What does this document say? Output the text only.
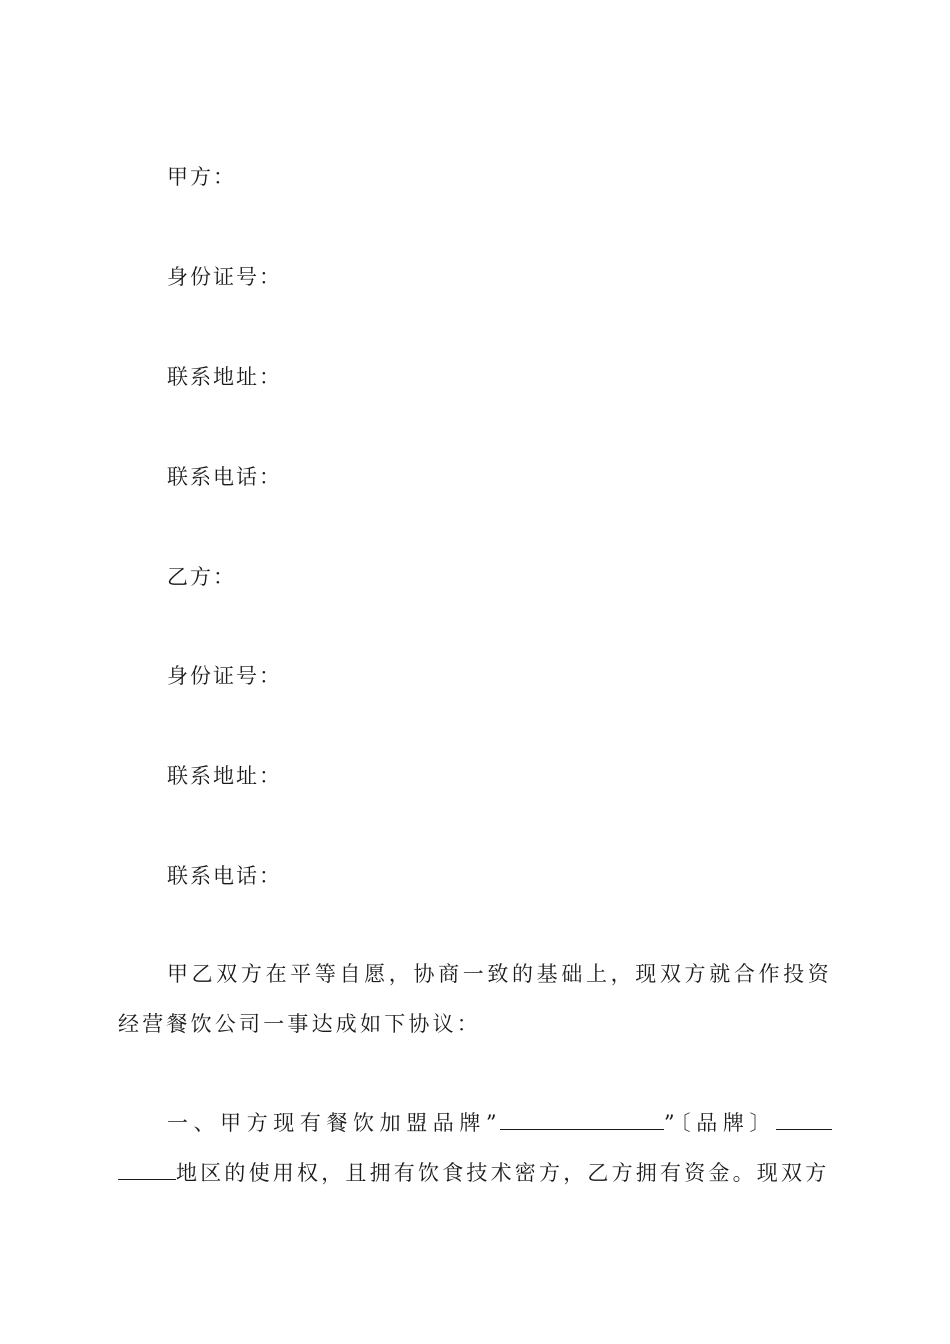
甲方：
身份证号：
联系地址：
联系电话：
乙方：
身份证号：
联系地址：
联系电话：
甲乙双方在平等自愿，协商一致的基础上，现双方就合作投资经营餐饮公司一事达成如下协议：
一、甲方现有餐饮加盟品牌”	”〔品牌〕地区的使用权，且拥有饮食技术密方，乙方拥有资金。现双方
